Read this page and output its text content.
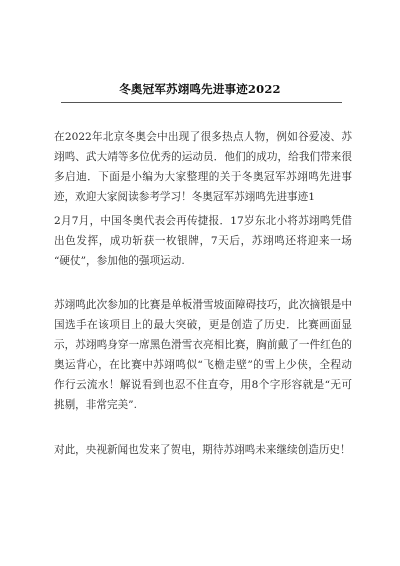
冬奥冠军苏翊鸣先进事迹2022
在2022年北京冬奥会中出现了很多热点人物，例如谷爱凌、苏
翊鸣、武大靖等多位优秀的运动员．他们的成功，给我们带来很
多启迪．下面是小编为大家整理的关于冬奥冠军苏翊鸣先进事
迹，欢迎大家阅读参考学习！冬奥冠军苏翊鸣先进事迹1
2月7月，中国冬奥代表会再传捷报．17岁东北小将苏翊鸣凭借
出色发挥，成功斩获一枚银牌，7天后，苏翊鸣还将迎来一场
“硬仗”，参加他的强项运动.
苏翊鸣此次参加的比赛是单板滑雪坡面障碍技巧，此次摘银是中
国选手在该项目上的最大突破，更是创造了历史．比赛画面显
示，苏翊鸣身穿一席黑色滑雪衣亮相比赛，胸前戴了一件红色的
奥运背心，在比赛中苏翊鸣似“飞檐走壁”的雪上少侠，全程动
作行云流水！解说看到也忍不住直夸，用8个字形容就是“无可
挑剔，非常完美”.
对此，央视新闻也发来了贺电，期待苏翊鸣未来继续创造历史！
